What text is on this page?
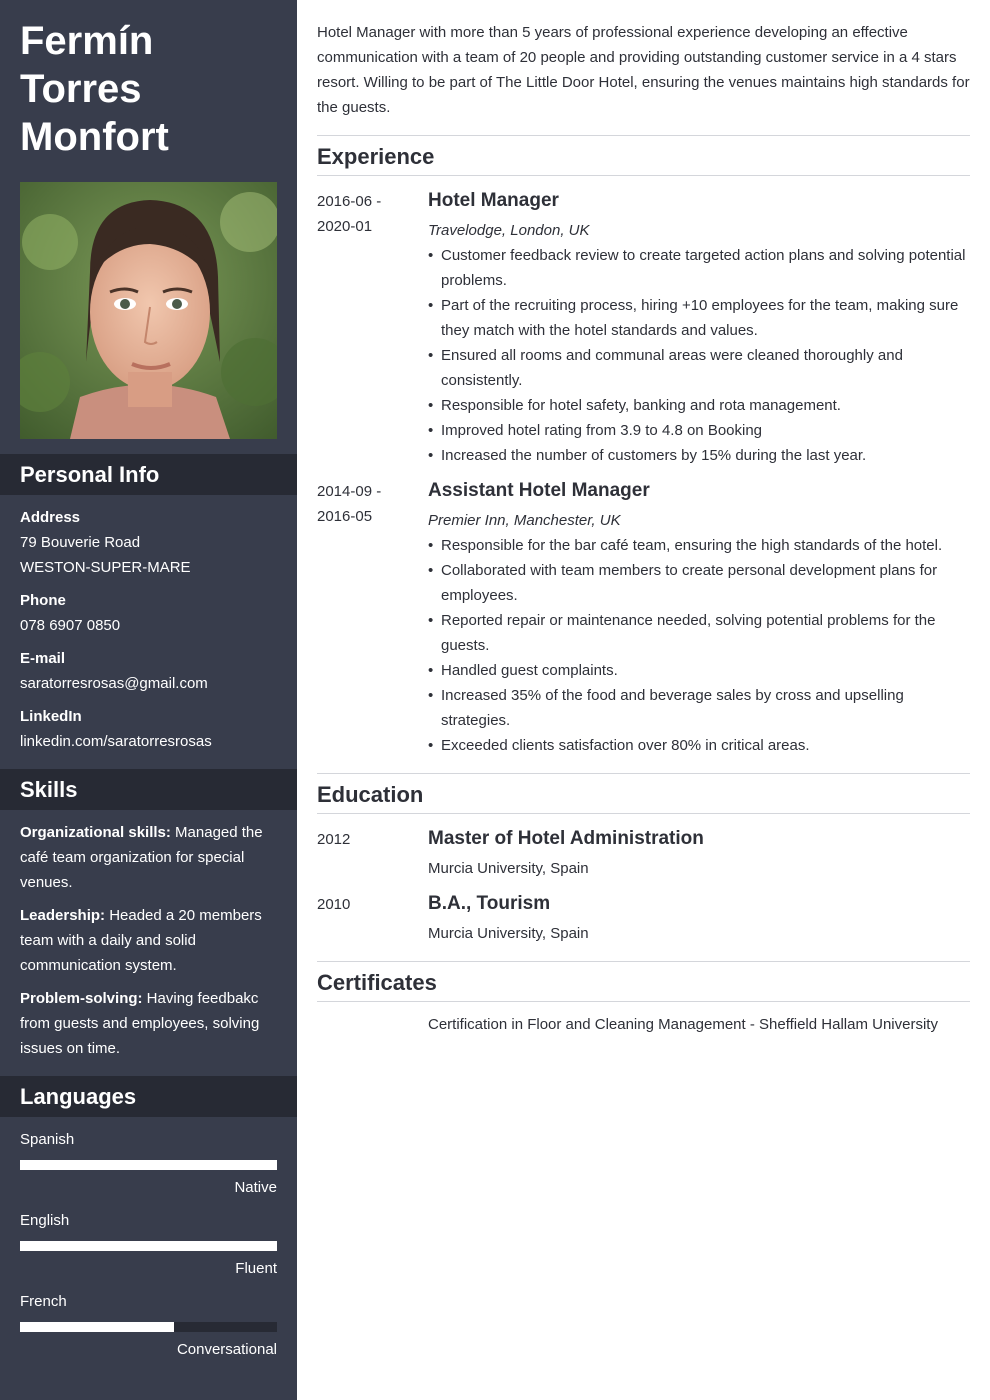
Fermín
Torres
Monfort
Personal Info
Address
79 Bouverie Road
WESTON-SUPER-MARE
Phone
078 6907 0850
E-mail
saratorresrosas@gmail.com
LinkedIn
linkedin.com/saratorresrosas
Skills
Organizational skills: Managed the café team organization for special venues.
Leadership: Headed a 20 members team with a daily and solid communication system.
Problem-solving: Having feedbakc from guests and employees, solving issues on time.
Languages
Spanish
Native
English
Fluent
French
Conversational

Hotel Manager with more than 5 years of professional experience developing an effective communication with a team of 20 people and providing outstanding customer service in a 4 stars resort. Willing to be part of The Little Door Hotel, ensuring the venues maintains high standards for the guests.

Experience
2016-06 -
2020-01
Hotel Manager
Travelodge, London, UK
• Customer feedback review to create targeted action plans and solving potential problems.
• Part of the recruiting process, hiring +10 employees for the team, making sure they match with the hotel standards and values.
• Ensured all rooms and communal areas were cleaned thoroughly and consistently.
• Responsible for hotel safety, banking and rota management.
• Improved hotel rating from 3.9 to 4.8 on Booking
• Increased the number of customers by 15% during the last year.
2014-09 -
2016-05
Assistant Hotel Manager
Premier Inn, Manchester, UK
• Responsible for the bar café team, ensuring the high standards of the hotel.
• Collaborated with team members to create personal development plans for employees.
• Reported repair or maintenance needed, solving potential problems for the guests.
• Handled guest complaints.
• Increased 35% of the food and beverage sales by cross and upselling strategies.
• Exceeded clients satisfaction over 80% in critical areas.
Education
2012	Master of Hotel Administration
Murcia University, Spain
2010	B.A., Tourism
Murcia University, Spain
Certificates
Certification in Floor and Cleaning Management - Sheffield Hallam University
